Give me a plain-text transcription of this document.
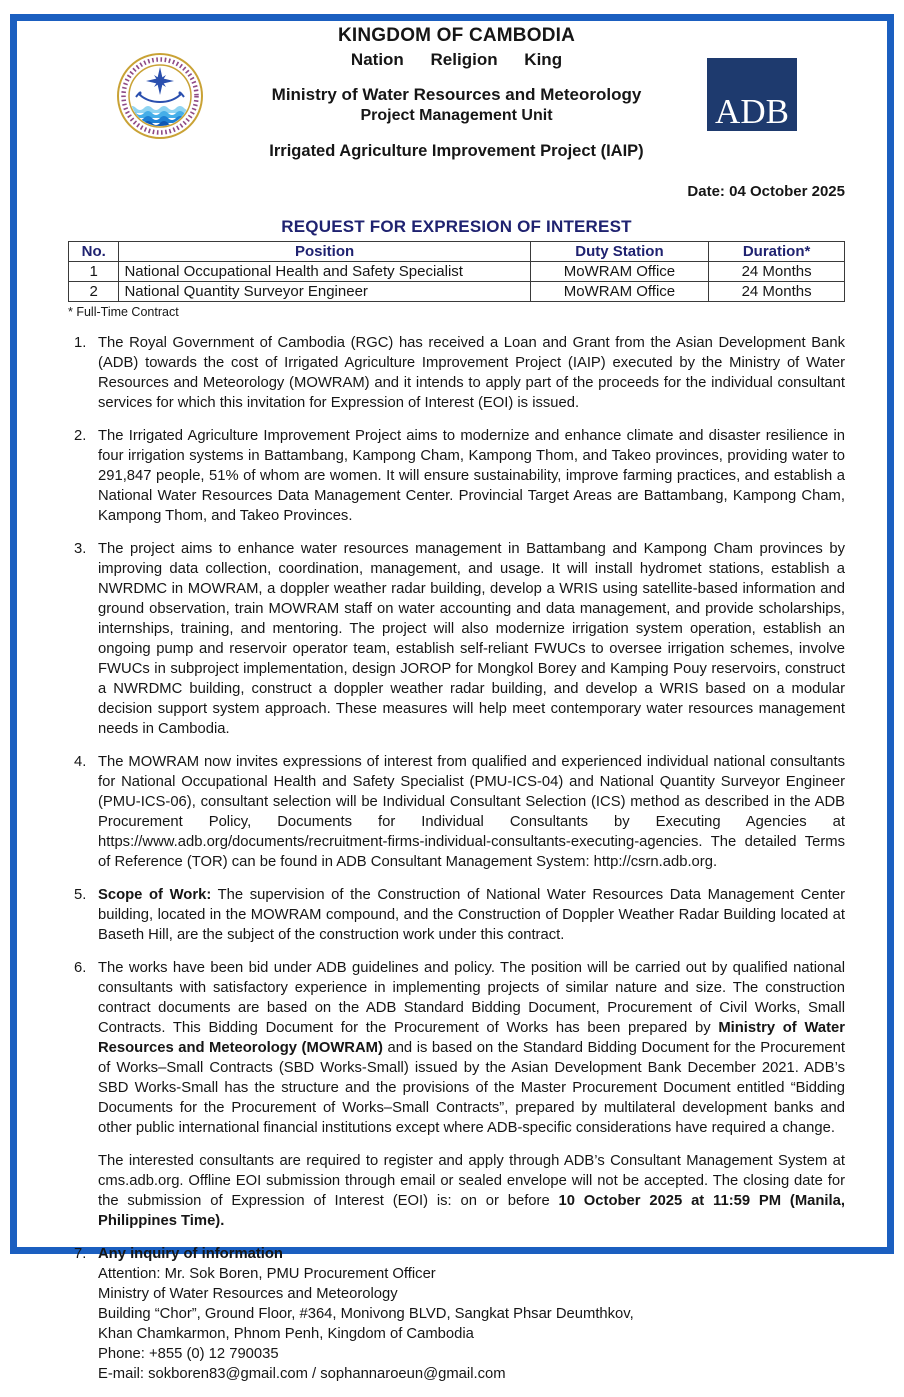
ADB
KINGDOM OF CAMBODIA
Nation Religion King
Ministry of Water Resources and Meteorology
Project Management Unit
Irrigated Agriculture Improvement Project (IAIP)
Date: 04 October 2025
REQUEST FOR EXPRESION OF INTEREST
No.	Position	Duty Station	Duration*
1	National Occupational Health and Safety Specialist	MoWRAM Office	24 Months
2	National Quantity Surveyor Engineer	MoWRAM Office	24 Months
* Full-Time Contract
1. The Royal Government of Cambodia (RGC) has received a Loan and Grant from the Asian Development Bank (ADB) towards the cost of Irrigated Agriculture Improvement Project (IAIP) executed by the Ministry of Water Resources and Meteorology (MOWRAM) and it intends to apply part of the proceeds for the individual consultant services for which this invitation for Expression of Interest (EOI) is issued.
2. The Irrigated Agriculture Improvement Project aims to modernize and enhance climate and disaster resilience in four irrigation systems in Battambang, Kampong Cham, Kampong Thom, and Takeo provinces, providing water to 291,847 people, 51% of whom are women. It will ensure sustainability, improve farming practices, and establish a National Water Resources Data Management Center. Provincial Target Areas are Battambang, Kampong Cham, Kampong Thom, and Takeo Provinces.
3. The project aims to enhance water resources management in Battambang and Kampong Cham provinces by improving data collection, coordination, management, and usage. It will install hydromet stations, establish a NWRDMC in MOWRAM, a doppler weather radar building, develop a WRIS using satellite-based information and ground observation, train MOWRAM staff on water accounting and data management, and provide scholarships, internships, training, and mentoring. The project will also modernize irrigation system operation, establish an ongoing pump and reservoir operator team, establish self-reliant FWUCs to oversee irrigation schemes, involve FWUCs in subproject implementation, design JOROP for Mongkol Borey and Kamping Pouy reservoirs, construct a NWRDMC building, construct a doppler weather radar building, and develop a WRIS based on a modular decision support system approach. These measures will help meet contemporary water resources management needs in Cambodia.
4. The MOWRAM now invites expressions of interest from qualified and experienced individual national consultants for National Occupational Health and Safety Specialist (PMU-ICS-04) and National Quantity Surveyor Engineer (PMU-ICS-06), consultant selection will be Individual Consultant Selection (ICS) method as described in the ADB Procurement Policy, Documents for Individual Consultants by Executing Agencies at https://www.adb.org/documents/recruitment-firms-individual-consultants-executing-agencies. The detailed Terms of Reference (TOR) can be found in ADB Consultant Management System: http://csrn.adb.org.
5. Scope of Work: The supervision of the Construction of National Water Resources Data Management Center building, located in the MOWRAM compound, and the Construction of Doppler Weather Radar Building located at Baseth Hill, are the subject of the construction work under this contract.
6. The works have been bid under ADB guidelines and policy. The position will be carried out by qualified national consultants with satisfactory experience in implementing projects of similar nature and size. The construction contract documents are based on the ADB Standard Bidding Document, Procurement of Civil Works, Small Contracts. This Bidding Document for the Procurement of Works has been prepared by Ministry of Water Resources and Meteorology (MOWRAM) and is based on the Standard Bidding Document for the Procurement of Works–Small Contracts (SBD Works-Small) issued by the Asian Development Bank December 2021. ADB’s SBD Works-Small has the structure and the provisions of the Master Procurement Document entitled “Bidding Documents for the Procurement of Works–Small Contracts”, prepared by multilateral development banks and other public international financial institutions except where ADB-specific considerations have required a change.
The interested consultants are required to register and apply through ADB’s Consultant Management System at cms.adb.org. Offline EOI submission through email or sealed envelope will not be accepted. The closing date for the submission of Expression of Interest (EOI) is: on or before 10 October 2025 at 11:59 PM (Manila, Philippines Time).
7. Any inquiry of information
Attention: Mr. Sok Boren, PMU Procurement Officer
Ministry of Water Resources and Meteorology
Building “Chor”, Ground Floor, #364, Monivong BLVD, Sangkat Phsar Deumthkov,
Khan Chamkarmon, Phnom Penh, Kingdom of Cambodia
Phone: +855 (0) 12 790035
E-mail: sokboren83@gmail.com / sophannaroeun@gmail.com
